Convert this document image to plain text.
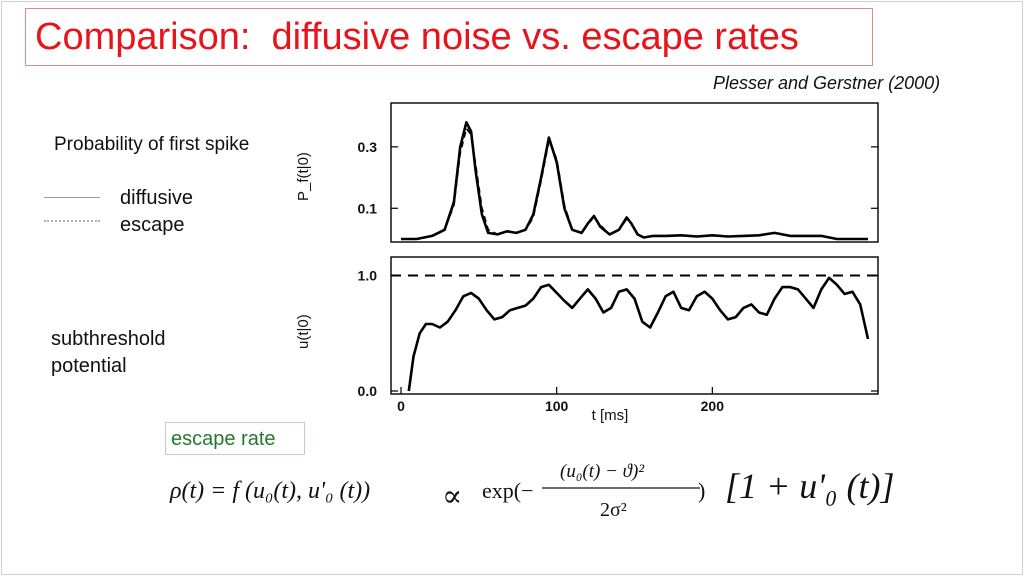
Comparison:  diffusive noise vs. escape rates
Plesser and Gerstner (2000)
Probability of first spike
diffusive
escape
subthreshold
potential
escape rate
P_f(t|0)
0.1
0.3
u(t|0)
0.0
1.0
0	100	200
t [ms]
ρ(t) = f (u₀(t), u'₀ (t)) ∝ exp(−
(u₀(t) − ϑ)²
2σ²
) [1 + u'₀ (t)]
